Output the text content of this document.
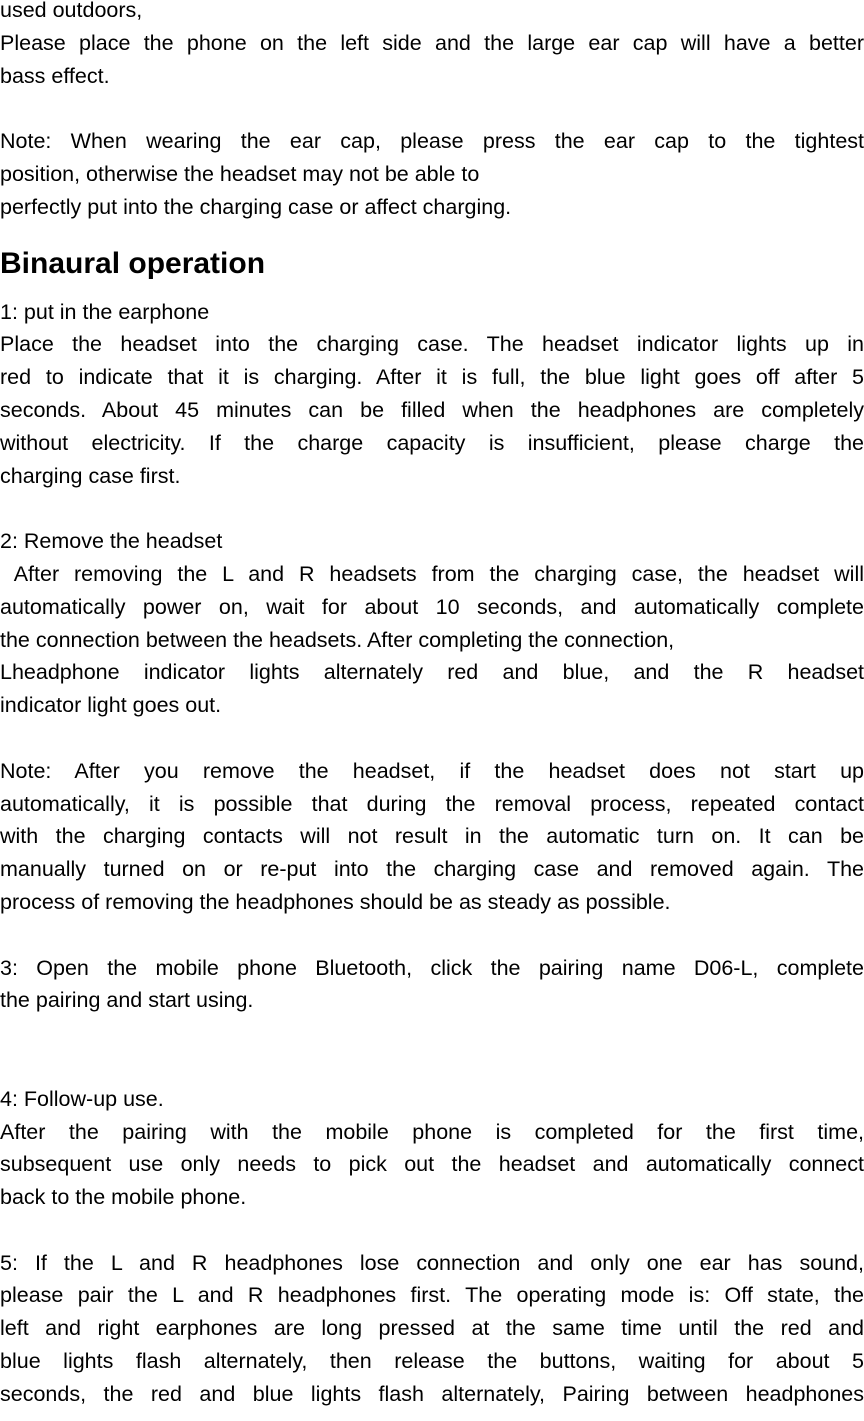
used outdoors,

Please place the phone on the left side and the large ear cap will have a better

bass effect.

Note: When wearing the ear cap, please press the ear cap to the tightest

position, otherwise the headset may not be able to

perfectly put into the charging case or affect charging.

Binaural operation

1: put in the earphone

Place the headset into the charging case. The headset indicator lights up in

red to indicate that it is charging. After it is full, the blue light goes off after 5

seconds. About 45 minutes can be filled when the headphones are completely

without electricity. If the charge capacity is insufficient, please charge the

charging case first.

2: Remove the headset

After removing the L and R headsets from the charging case, the headset will

automatically power on, wait for about 10 seconds, and automatically complete

the connection between the headsets. After completing the connection,

Lheadphone indicator lights alternately red and blue, and the R headset

indicator light goes out.

Note: After you remove the headset, if the headset does not start up

automatically, it is possible that during the removal process, repeated contact

with the charging contacts will not result in the automatic turn on. It can be

manually turned on or re-put into the charging case and removed again. The

process of removing the headphones should be as steady as possible.

3: Open the mobile phone Bluetooth, click the pairing name D06-L, complete

the pairing and start using.

4: Follow-up use.

After the pairing with the mobile phone is completed for the first time,

subsequent use only needs to pick out the headset and automatically connect

back to the mobile phone.

5: If the L and R headphones lose connection and only one ear has sound,

please pair the L and R headphones first. The operating mode is: Off state, the

left and right earphones are long pressed at the same time until the red and

blue lights flash alternately, then release the buttons, waiting for about 5

seconds, the red and blue lights flash alternately, Pairing between headphones
